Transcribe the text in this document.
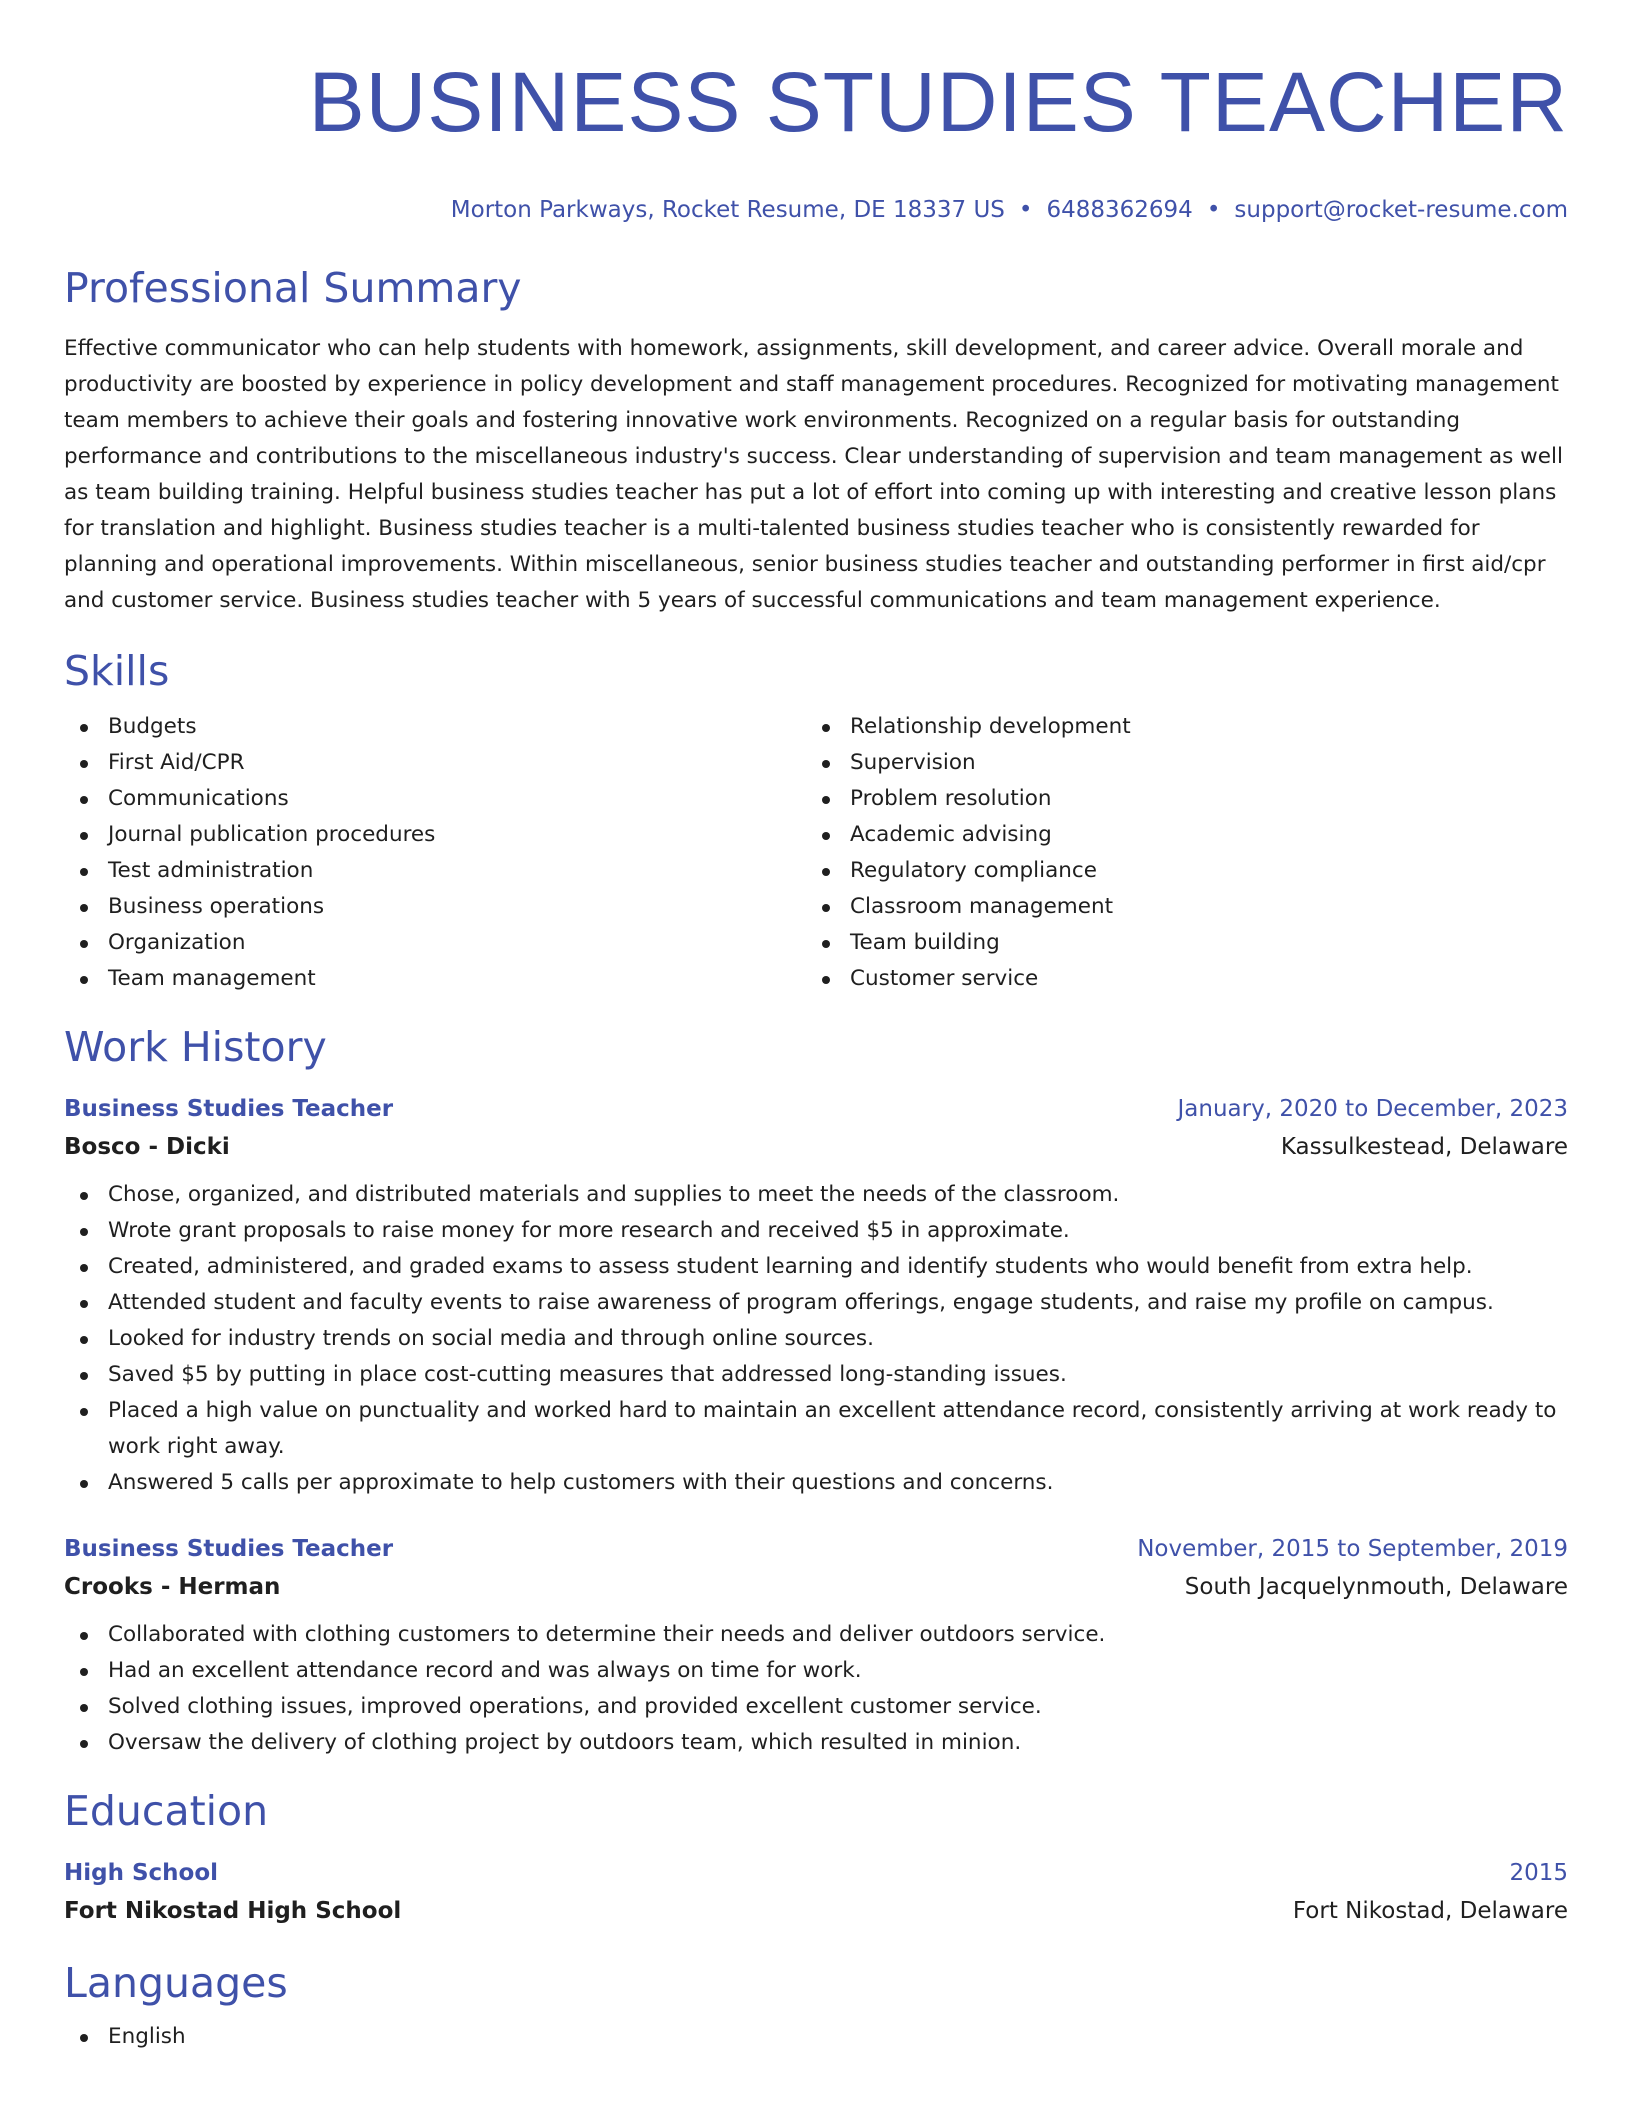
BUSINESS STUDIES TEACHER
Morton Parkways, Rocket Resume, DE 18337 US • 6488362694 • support@rocket-resume.com
Professional Summary

Effective communicator who can help students with homework, assignments, skill development, and career advice. Overall morale and productivity are boosted by experience in policy development and staff management procedures. Recognized for motivating management team members to achieve their goals and fostering innovative work environments. Recognized on a regular basis for outstanding performance and contributions to the miscellaneous industry's success. Clear understanding of supervision and team management as well as team building training. Helpful business studies teacher has put a lot of effort into coming up with interesting and creative lesson plans for translation and highlight. Business studies teacher is a multi-talented business studies teacher who is consistently rewarded for planning and operational improvements. Within miscellaneous, senior business studies teacher and outstanding performer in first aid/cpr and customer service. Business studies teacher with 5 years of successful communications and team management experience.

Skills
Budgets
First Aid/CPR
Communications
Journal publication procedures
Test administration
Business operations
Organization
Team management
Relationship development
Supervision
Problem resolution
Academic advising
Regulatory compliance
Classroom management
Team building
Customer service
Work History
Business Studies Teacher	January, 2020 to December, 2023
Bosco - Dicki	Kassulkestead, Delaware
Chose, organized, and distributed materials and supplies to meet the needs of the classroom.
Wrote grant proposals to raise money for more research and received $5 in approximate.
Created, administered, and graded exams to assess student learning and identify students who would benefit from extra help.
Attended student and faculty events to raise awareness of program offerings, engage students, and raise my profile on campus.
Looked for industry trends on social media and through online sources.
Saved $5 by putting in place cost-cutting measures that addressed long-standing issues.
Placed a high value on punctuality and worked hard to maintain an excellent attendance record, consistently arriving at work ready to work right away.
Answered 5 calls per approximate to help customers with their questions and concerns.
Business Studies Teacher	November, 2015 to September, 2019
Crooks - Herman	South Jacquelynmouth, Delaware
Collaborated with clothing customers to determine their needs and deliver outdoors service.
Had an excellent attendance record and was always on time for work.
Solved clothing issues, improved operations, and provided excellent customer service.
Oversaw the delivery of clothing project by outdoors team, which resulted in minion.
Education
High School	2015
Fort Nikostad High School	Fort Nikostad, Delaware
Languages
English
